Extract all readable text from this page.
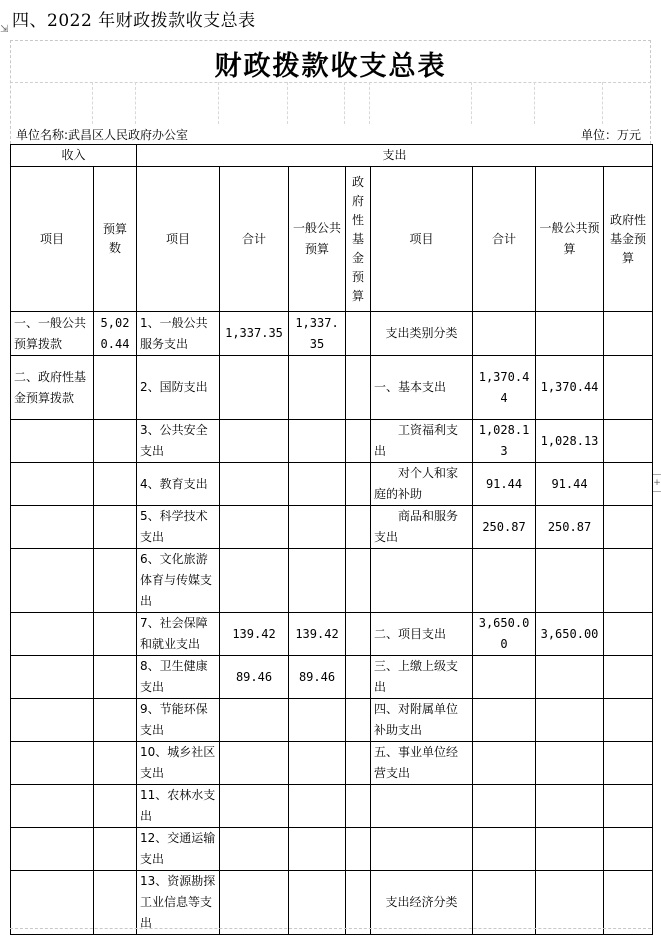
四、2022 年财政拨款收支总表
⇲
+
财政拨款收支总表
单位名称:武昌区人民政府办公室	单位：万元
收入		支出							
项目	预算数	项目	合计	一般公共预算	政府性基金预算	项目	合计	一般公共预算	政府性基金预算
一、一般公共预算拨款	5,020.44	1、一般公共服务支出	1,337.35	1,337.35		支出类别分类			
二、政府性基金预算拨款		2、国防支出				一、基本支出	1,370.44	1,370.44	
		3、公共安全支出				工资福利支出	1,028.13	1,028.13	
		4、教育支出				对个人和家庭的补助	91.44	91.44	
		5、科学技术支出				商品和服务支出	250.87	250.87	
		6、文化旅游体育与传媒支出							
		7、社会保障和就业支出	139.42	139.42		二、项目支出	3,650.00	3,650.00	
		8、卫生健康支出	89.46	89.46		三、上缴上级支出			
		9、节能环保支出				四、对附属单位补助支出			
		10、城乡社区支出				五、事业单位经营支出			
		11、农林水支出							
		12、交通运输支出							
		13、资源勘探工业信息等支出				支出经济分类			
